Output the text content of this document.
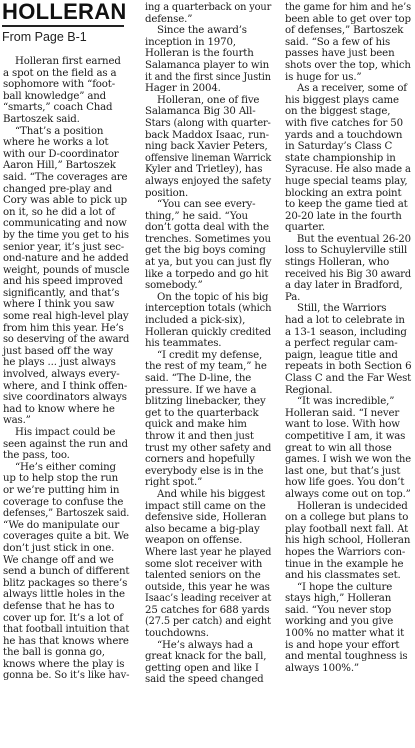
HOLLERAN
From Page B-1
Holleran first earned
a spot on the field as a
sophomore with “foot-
ball knowledge” and
“smarts,” coach Chad
Bartoszek said.
“That’s a position
where he works a lot
with our D-coordinator
Aaron Hill,” Bartoszek
said. “The coverages are
changed pre-play and
Cory was able to pick up
on it, so he did a lot of
communicating and now
by the time you get to his
senior year, it’s just sec-
ond-nature and he added
weight, pounds of muscle
and his speed improved
significantly, and that’s
where I think you saw
some real high-level play
from him this year. He’s
so deserving of the award
just based off the way
he plays ... just always
involved, always every-
where, and I think offen-
sive coordinators always
had to know where he
was.”
His impact could be
seen against the run and
the pass, too.
“He’s either coming
up to help stop the run
or we’re putting him in
coverage to confuse the
defenses,” Bartoszek said.
“We do manipulate our
coverages quite a bit. We
don’t just stick in one.
We change off and we
send a bunch of different
blitz packages so there’s
always little holes in the
defense that he has to
cover up for. It’s a lot of
that football intuition that
he has that knows where
the ball is gonna go,
knows where the play is
gonna be. So it’s like hav-
ing a quarterback on your
defense.”
Since the award’s
inception in 1970,
Holleran is the fourth
Salamanca player to win
it and the first since Justin
Hager in 2004.
Holleran, one of five
Salamanca Big 30 All-
Stars (along with quarter-
back Maddox Isaac, run-
ning back Xavier Peters,
offensive lineman Warrick
Kyler and Trietley), has
always enjoyed the safety
position.
“You can see every-
thing,” he said. “You
don’t gotta deal with the
trenches. Sometimes you
get the big boys coming
at ya, but you can just fly
like a torpedo and go hit
somebody.”
On the topic of his big
interception totals (which
included a pick-six),
Holleran quickly credited
his teammates.
“I credit my defense,
the rest of my team,” he
said. “The D-line, the
pressure. If we have a
blitzing linebacker, they
get to the quarterback
quick and make him
throw it and then just
trust my other safety and
corners and hopefully
everybody else is in the
right spot.”
And while his biggest
impact still came on the
defensive side, Holleran
also became a big-play
weapon on offense.
Where last year he played
some slot receiver with
talented seniors on the
outside, this year he was
Isaac’s leading receiver at
25 catches for 688 yards
(27.5 per catch) and eight
touchdowns.
“He’s always had a
great knack for the ball,
getting open and like I
said the speed changed
the game for him and he’s
been able to get over top
of defenses,” Bartoszek
said. “So a few of his
passes have just been
shots over the top, which
is huge for us.”
As a receiver, some of
his biggest plays came
on the biggest stage,
with five catches for 50
yards and a touchdown
in Saturday’s Class C
state championship in
Syracuse. He also made a
huge special teams play,
blocking an extra point
to keep the game tied at
20-20 late in the fourth
quarter.
But the eventual 26-20
loss to Schuylerville still
stings Holleran, who
received his Big 30 award
a day later in Bradford,
Pa.
Still, the Warriors
had a lot to celebrate in
a 13-1 season, including
a perfect regular cam-
paign, league title and
repeats in both Section 6
Class C and the Far West
Regional.
“It was incredible,”
Holleran said. “I never
want to lose. With how
competitive I am, it was
great to win all those
games. I wish we won the
last one, but that’s just
how life goes. You don’t
always come out on top.”
Holleran is undecided
on a college but plans to
play football next fall. At
his high school, Holleran
hopes the Warriors con-
tinue in the example he
and his classmates set.
“I hope the culture
stays high,” Holleran
said. “You never stop
working and you give
100% no matter what it
is and hope your effort
and mental toughness is
always 100%.”
